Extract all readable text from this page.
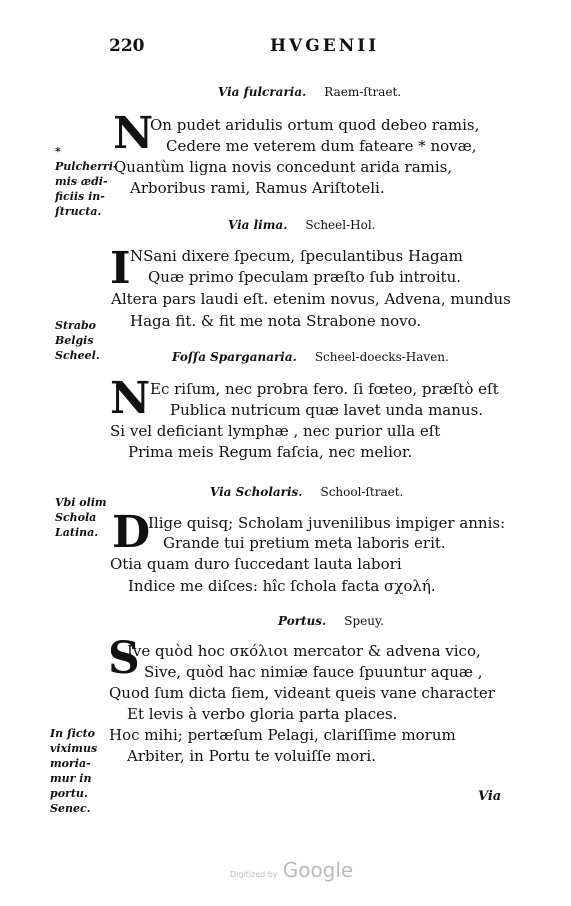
220	HVGENII
Via fulcraria. Raem-ſtraet.
N
On pudet aridulis ortum quod debeo ramis,
Cedere me veterem dum fateare * novæ,
Quantùm ligna novis concedunt arida ramis,
Arboribus rami, Ramus Ariſtoteli.
Via lima. Scheel-Hol.
I NSani dixere ſpecum, ſpeculantibus Hagam
Quæ primo ſpeculam præſto ſub introitu.
Altera pars laudi eſt. etenim novus, Advena, mundus
Haga fit. & fit me nota Strabone novo.
Foſſa Sparganaria. Scheel-doecks-Haven.
N Ec riſum, nec probra fero. ſi fœteo, præſtò eſt
Publica nutricum quæ lavet unda manus.
Si vel deficiant lymphæ , nec purior ulla eſt
Prima meis Regum faſcia, nec melior.
Via Scholaris. School-ſtraet.
D
Ilige quisq; Scholam juvenilibus impiger annis:
Grande tui pretium meta laboris erit.
Otia quam duro ſuccedant lauta labori
Indice me diſces: hîc ſchola facta σχολή.
Portus. Speuy.
S
Ive quòd hoc σκόλιοι mercator & advena vico,
Sive, quòd hac nimiæ fauce ſpuuntur aquæ ,
Quod ſum dicta ſiem, videant queis vane character
Et levis à verbo gloria parta places.
Hoc mihi; pertæſum Pelagi, clariſſime morum
Arbiter, in Portu te voluiſſe mori.
* Pulcherri-mis ædi-ficiis in-ſtructa.
Strabo Belgis Scheel.
Vbi olim Schola Latina.
In ſicto viximus moria-mur in portu. Senec.
Via
Digitized by Google
